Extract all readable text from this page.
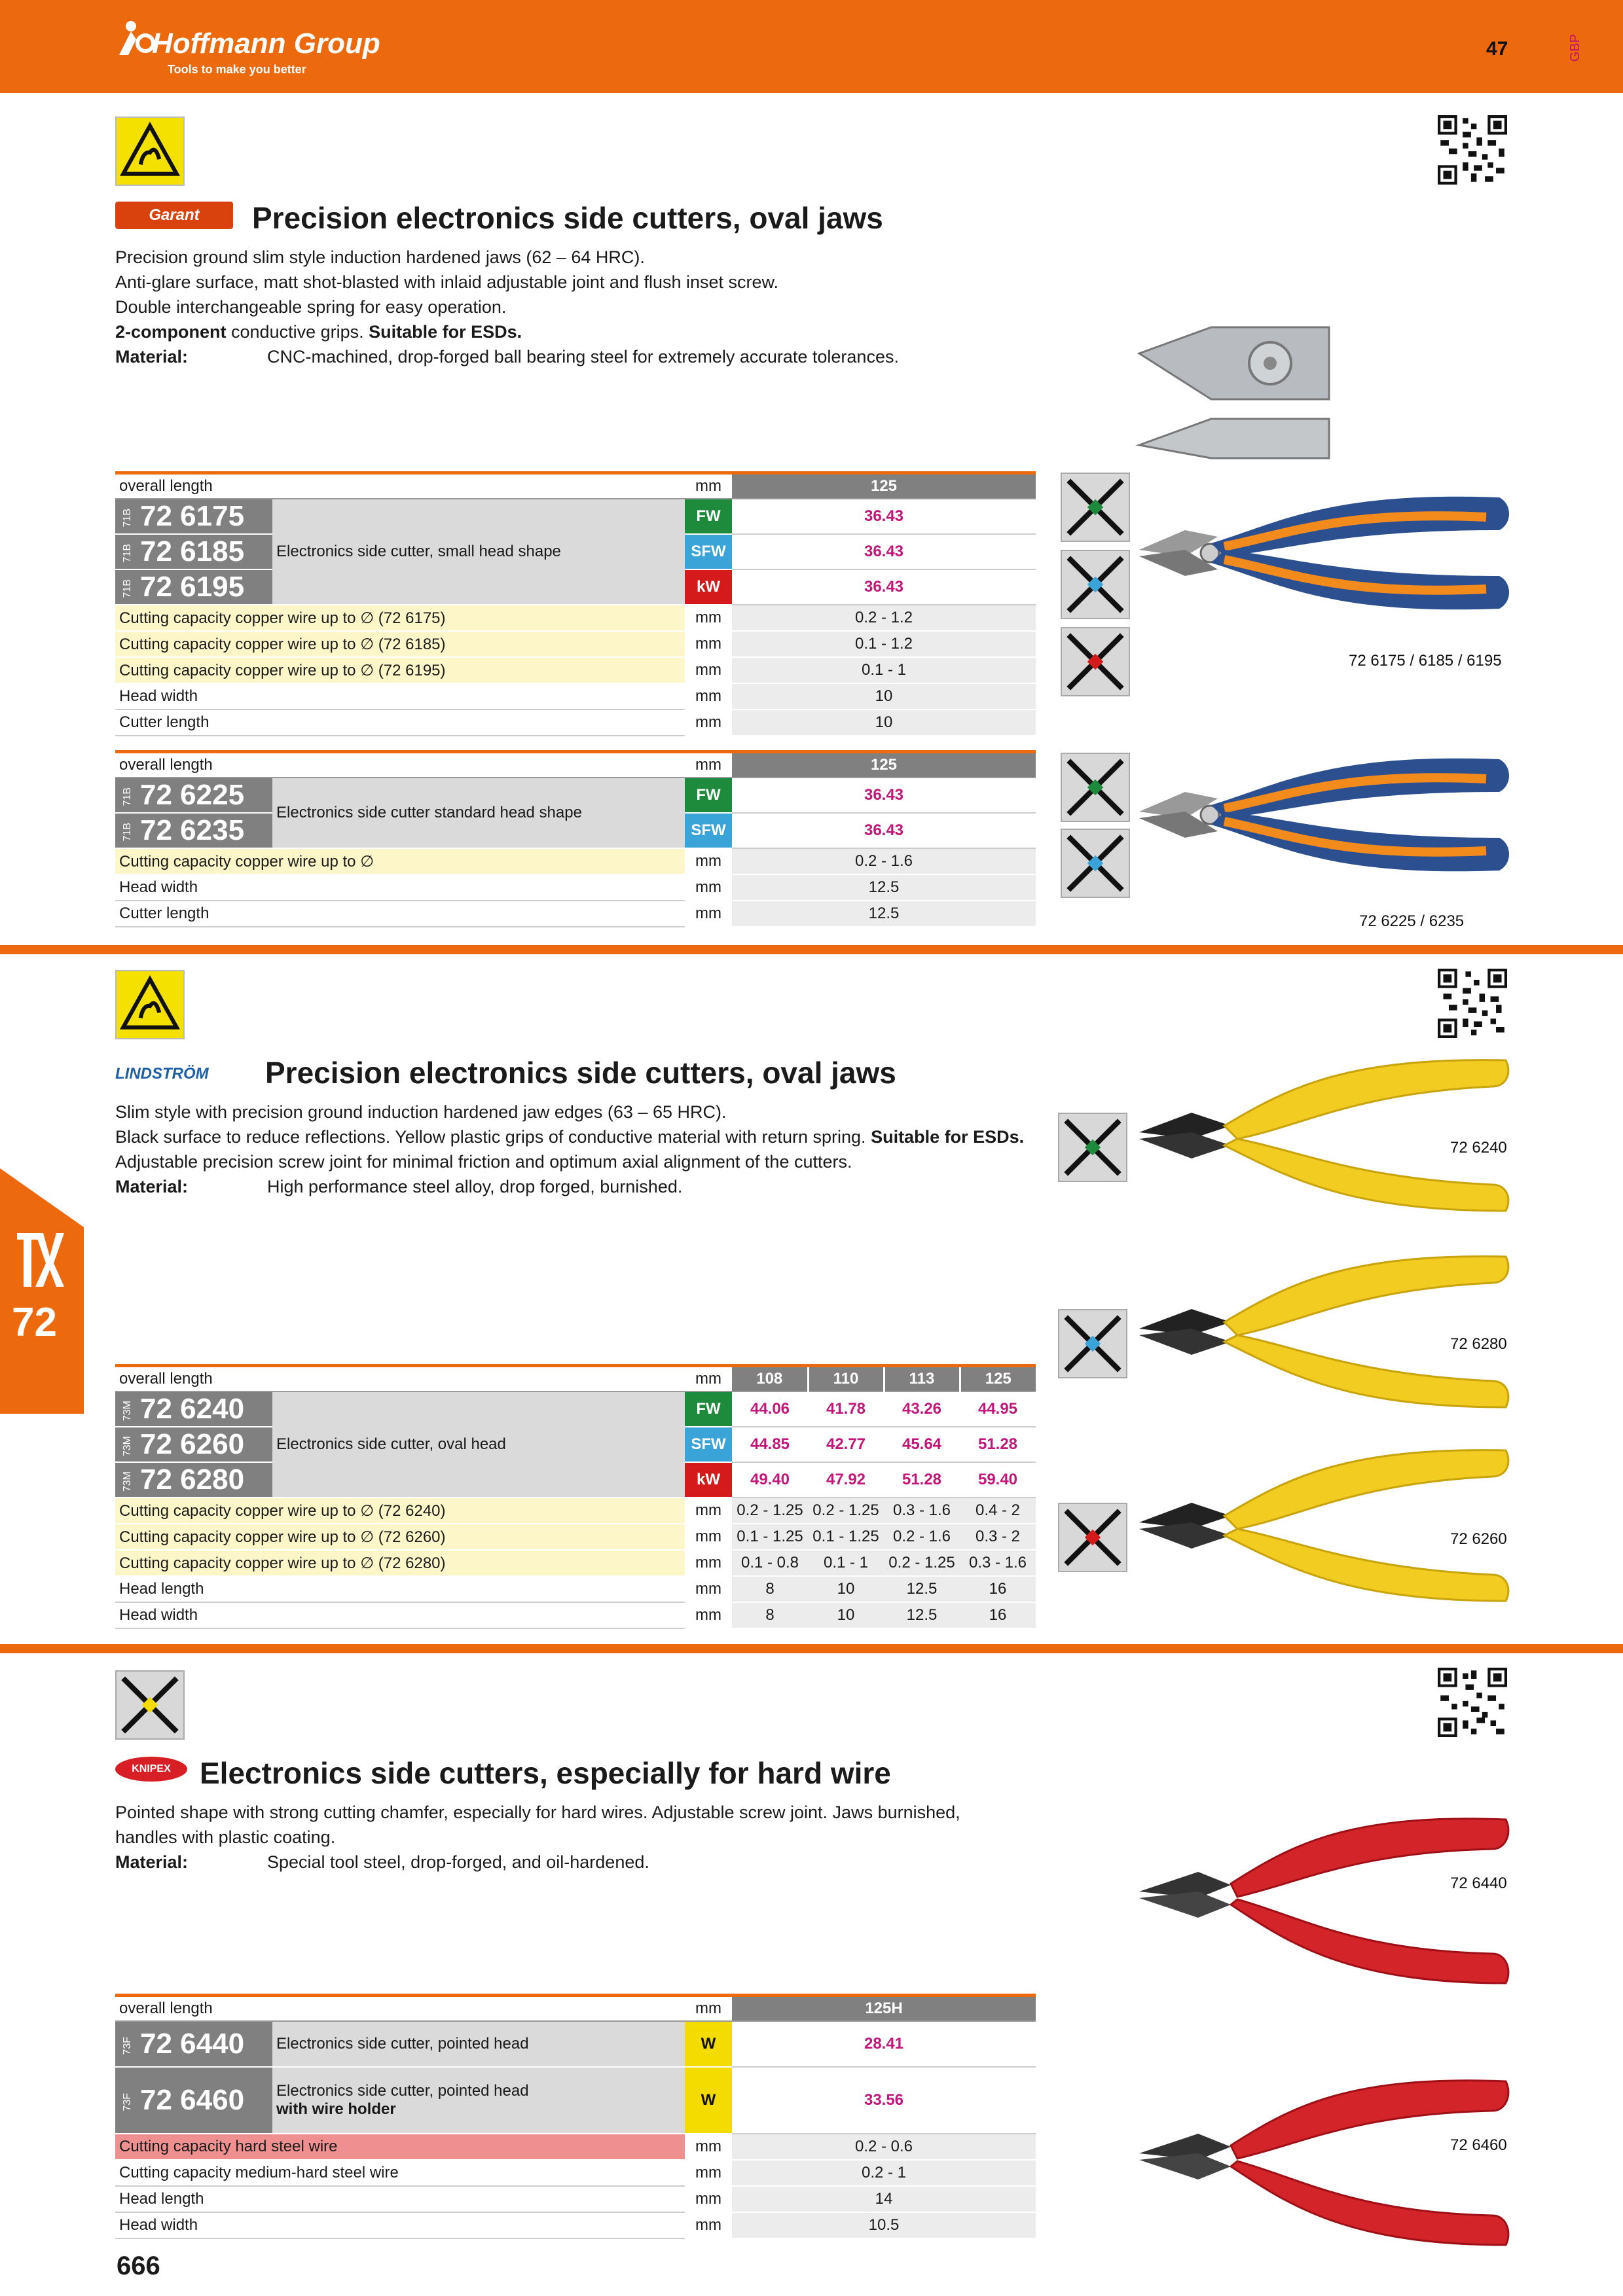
Hoffmann Group
Tools to make you better
47	GBP
72
Garant	Precision electronics side cutters, oval jaws
Precision ground slim style induction hardened jaws (62 – 64 HRC).
Anti-glare surface, matt shot-blasted with inlaid adjustable joint and flush inset screw.
Double interchangeable spring for easy operation.
2-component conductive grips. Suitable for ESDs.
Material:	CNC-machined, drop-forged ball bearing steel for extremely accurate tolerances.
overall length		mm	125
71B 72 6175	Electronics side cutter, small head shape	FW	36.43
71B 72 6185		SFW	36.43
71B 72 6195		kW	36.43
Cutting capacity copper wire up to ∅ (72 6175)		mm	0.2 - 1.2
Cutting capacity copper wire up to ∅ (72 6185)		mm	0.1 - 1.2
Cutting capacity copper wire up to ∅ (72 6195)		mm	0.1 - 1
Head width		mm	10
Cutter length		mm	10
72 6175 / 6185 / 6195
overall length		mm	125
71B 72 6225	Electronics side cutter standard head shape	FW	36.43
71B 72 6235		SFW	36.43
Cutting capacity copper wire up to ∅		mm	0.2 - 1.6
Head width		mm	12.5
Cutter length		mm	12.5	72 6225 / 6235
LINDSTRÖM	Precision electronics side cutters, oval jaws
Slim style with precision ground induction hardened jaw edges (63 – 65 HRC).
Black surface to reduce reflections. Yellow plastic grips of conductive material with return spring. Suitable for ESDs. Adjustable precision screw joint for minimal friction and optimum axial alignment of the cutters.
Material:	High performance steel alloy, drop forged, burnished.
overall length		mm	108	110	113	125
73M 72 6240	Electronics side cutter, oval head	FW	44.06	41.78	43.26	44.95
73M 72 6260		SFW	44.85	42.77	45.64	51.28
73M 72 6280		kW	49.40	47.92	51.28	59.40
Cutting capacity copper wire up to ∅ (72 6240)		mm	0.2 - 1.25	0.2 - 1.25	0.3 - 1.6	0.4 - 2
Cutting capacity copper wire up to ∅ (72 6260)		mm	0.1 - 1.25	0.1 - 1.25	0.2 - 1.6	0.3 - 2
Cutting capacity copper wire up to ∅ (72 6280)		mm	0.1 - 0.8	0.1 - 1	0.2 - 1.25	0.3 - 1.6
Head length		mm	8	10	12.5	16
Head width		mm	8	10	12.5	16
72 6240
72 6280
72 6260
KNIPEX Electronics side cutters, especially for hard wire
Pointed shape with strong cutting chamfer, especially for hard wires. Adjustable screw joint. Jaws burnished,
handles with plastic coating.
Material:	Special tool steel, drop-forged, and oil-hardened.
overall length		mm	125H
73F 72 6440	Electronics side cutter, pointed head	W	28.41
73F 72 6460	Electronics side cutter, pointed head
with wire holder	W	33.56
Cutting capacity hard steel wire		mm	0.2 - 0.6
Cutting capacity medium-hard steel wire		mm	0.2 - 1
Head length		mm	14
Head width		mm	10.5
72 6440
72 6460
666
